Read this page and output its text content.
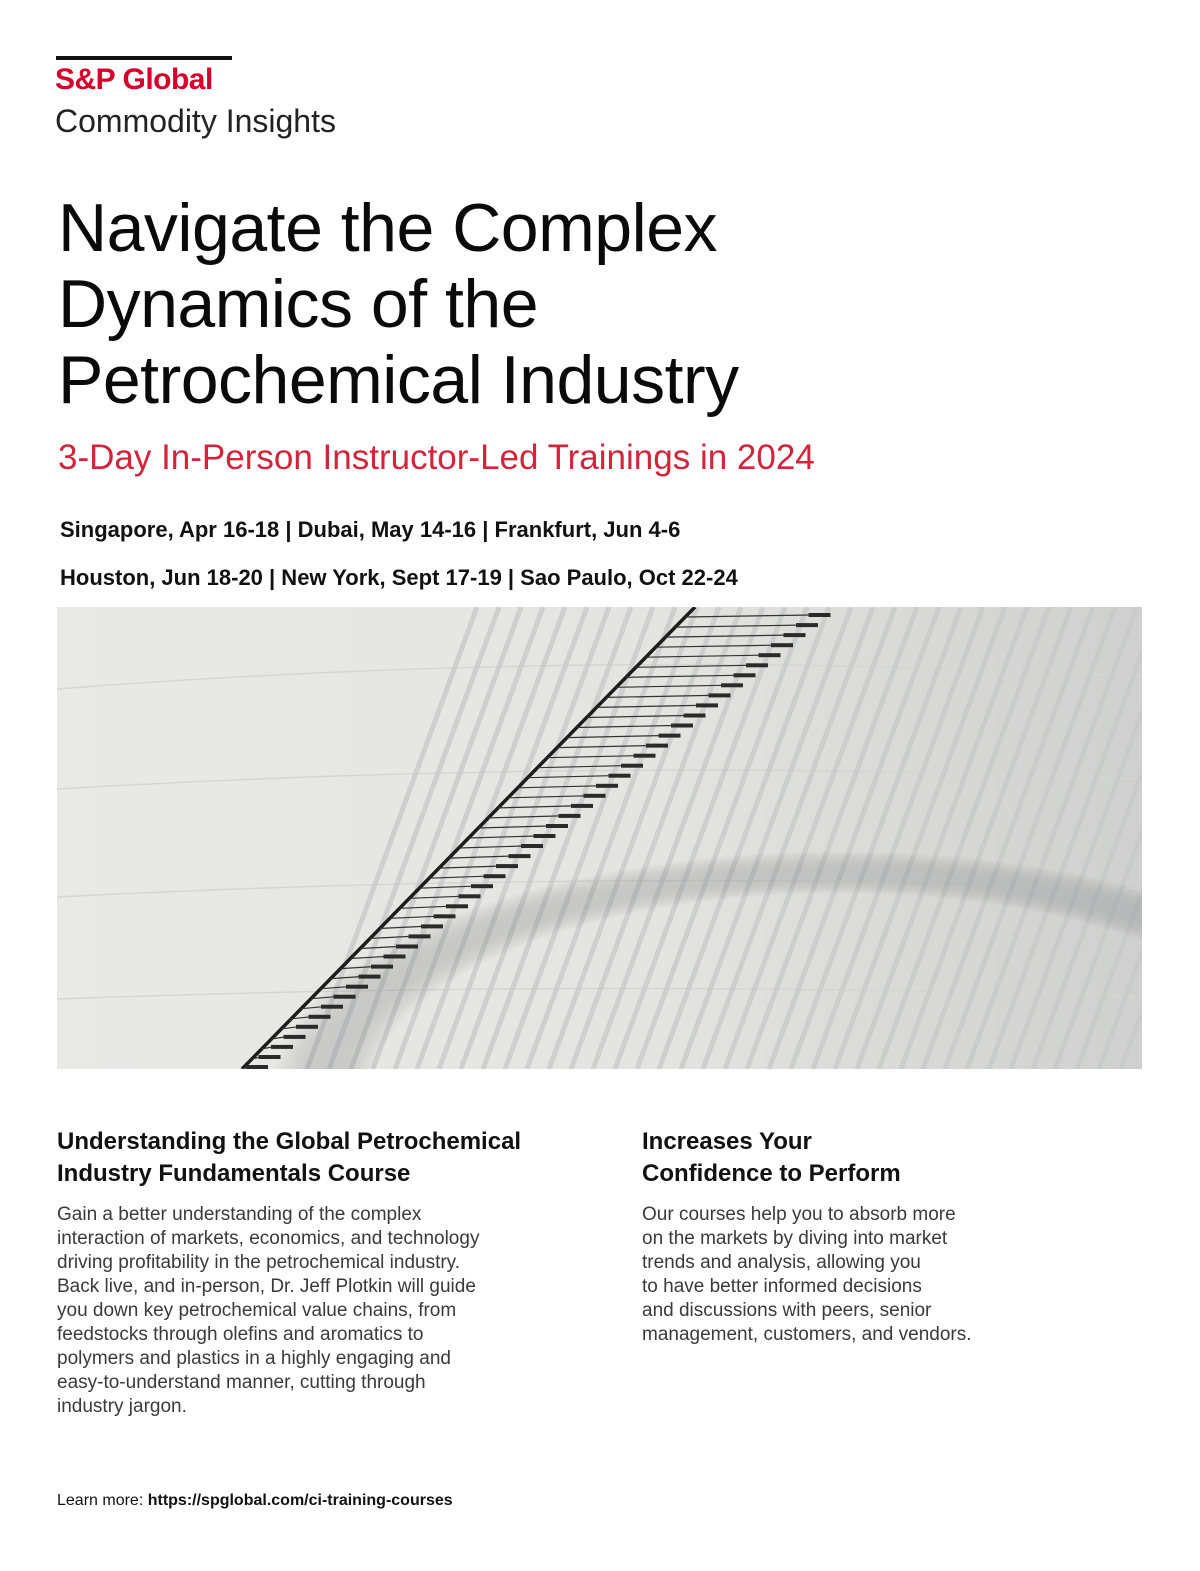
S&P Global
Commodity Insights
Navigate the Complex
Dynamics of the
Petrochemical Industry
3-Day In-Person Instructor-Led Trainings in 2024
Singapore, Apr 16-18 | Dubai, May 14-16 | Frankfurt, Jun 4-6
Houston, Jun 18-20 | New York, Sept 17-19 | Sao Paulo, Oct 22-24
Understanding the Global Petrochemical
Industry Fundamentals Course
Gain a better understanding of the complex
interaction of markets, economics, and technology
driving profitability in the petrochemical industry.
Back live, and in-person, Dr. Jeff Plotkin will guide
you down key petrochemical value chains, from
feedstocks through olefins and aromatics to
polymers and plastics in a highly engaging and
easy-to-understand manner, cutting through
industry jargon.
Increases Your
Confidence to Perform
Our courses help you to absorb more
on the markets by diving into market
trends and analysis, allowing you
to have better informed decisions
and discussions with peers, senior
management, customers, and vendors.
Learn more: https://spglobal.com/ci-training-courses
